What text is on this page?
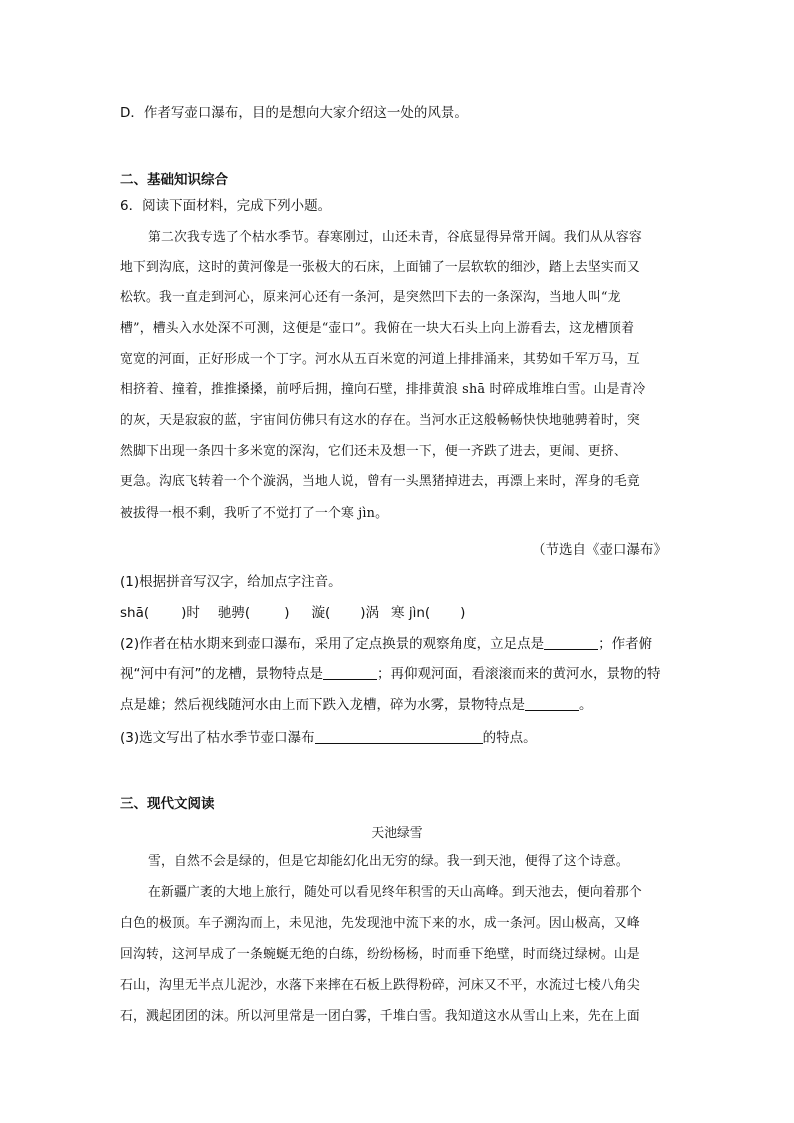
D．作者写壶口瀑布，目的是想向大家介绍这一处的风景。
二、基础知识综合
6．阅读下面材料，完成下列小题。
第二次我专选了个枯水季节。春寒刚过，山还未青，谷底显得异常开阔。我们从从容容
地下到沟底，这时的黄河像是一张极大的石床，上面铺了一层软软的细沙，踏上去坚实而又
松软。我一直走到河心，原来河心还有一条河，是突然凹下去的一条深沟，当地人叫“龙
槽”，槽头入水处深不可测，这便是“壶口”。我俯在一块大石头上向上游看去，这龙槽顶着
宽宽的河面，正好形成一个丁字。河水从五百米宽的河道上排排涌来，其势如千军万马，互
相挤着、撞着，推推搡搡，前呼后拥，撞向石壁，排排黄浪 shā 时碎成堆堆白雪。山是青冷
的灰，天是寂寂的蓝，宇宙间仿佛只有这水的存在。当河水正这般畅畅快快地驰骋着时，突
然脚下出现一条四十多米宽的深沟，它们还未及想一下，便一齐跌了进去，更闹、更挤、
更急。沟底飞转着一个个漩涡，当地人说，曾有一头黑猪掉进去，再漂上来时，浑身的毛竟
被拔得一根不剩，我听了不觉打了一个寒 jìn。
（节选自《壶口瀑布》
(1)根据拼音写汉字，给加点字注音。
shā( )时 驰骋(	) 漩( )涡 寒 jìn( )
(2)作者在枯水期来到壶口瀑布，采用了定点换景的观察角度，立足点是	；作者俯
视“河中有河”的龙槽，景物特点是	；再仰观河面，看滚滚而来的黄河水，景物的特
点是雄；然后视线随河水由上而下跌入龙槽，碎为水雾，景物特点是	。
(3)选文写出了枯水季节壶口瀑布	的特点。
三、现代文阅读
天池绿雪
雪，自然不会是绿的，但是它却能幻化出无穷的绿。我一到天池，便得了这个诗意。
在新疆广袤的大地上旅行，随处可以看见终年积雪的天山高峰。到天池去，便向着那个
白色的极顶。车子溯沟而上，未见池，先发现池中流下来的水，成一条河。因山极高，又峰
回沟转，这河早成了一条蜿蜒无绝的白练，纷纷杨杨，时而垂下绝壁，时而绕过绿树。山是
石山，沟里无半点儿泥沙，水落下来摔在石板上跌得粉碎，河床又不平，水流过七棱八角尖
石，溅起团团的沫。所以河里常是一团白雾，千堆白雪。我知道这水从雪山上来，先在上面
